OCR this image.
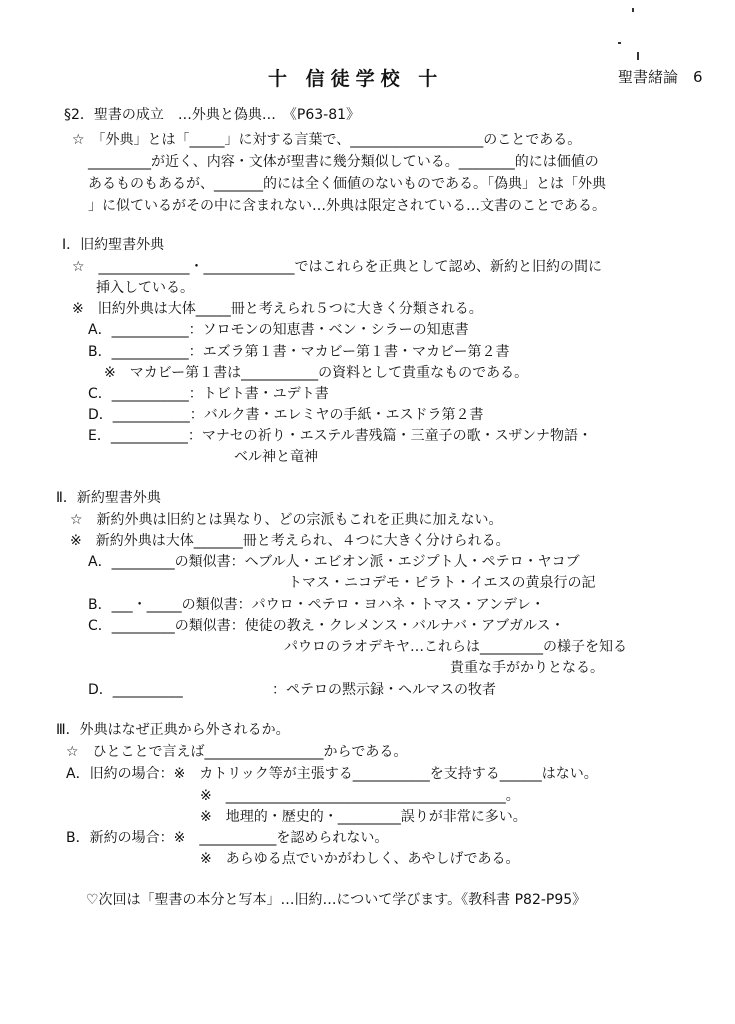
十 信徒学校 十	聖書緒論　6
§2．聖書の成立　…外典と偽典…　《P63-81》
☆　「外典」とは「_____」に対する言葉で、___________________のことである。
_________が近く、内容・文体が聖書に幾分類似している。________的には価値の
あるものもあるが、_______的には全く価値のないものである。「偽典」とは「外典
」に似ているがその中に含まれない…外典は限定されている…文書のことである。
Ⅰ．旧約聖書外典
☆　_____________・_____________ではこれらを正典として認め、新約と旧約の間に
挿入している。
※　旧約外典は大体_____冊と考えられ５つに大きく分類される。
A．___________：ソロモンの知恵書・ベン・シラーの知恵書
B．___________：エズラ第１書・マカビー第１書・マカビー第２書
※　マカビー第１書は___________の資料として貴重なものである。
C．___________：トビト書・ユデト書
D．___________：バルク書・エレミヤの手紙・エスドラ第２書
E．___________：マナセの祈り・エステル書残篇・三童子の歌・スザンナ物語・
ベル神と竜神
Ⅱ．新約聖書外典
☆　新約外典は旧約とは異なり、どの宗派もこれを正典に加えない。
※　新約外典は大体_______冊と考えられ、４つに大きく分けられる。
A．_________の類似書：ヘブル人・エビオン派・エジプト人・ペテロ・ヤコブ
トマス・ニコデモ・ピラト・イエスの黄泉行の記
B．___・_____の類似書：パウロ・ペテロ・ヨハネ・トマス・アンデレ・
C．_________の類似書：使徒の教え・クレメンス・バルナバ・アブガルス・
パウロのラオデキヤ…これらは_________の様子を知る
貴重な手がかりとなる。
D．__________	：ペテロの黙示録・ヘルマスの牧者
Ⅲ．外典はなぜ正典から外されるか。
☆　ひとことで言えば_________________からである。
A．旧約の場合：※　カトリック等が主張する___________を支持する______はない。
※　________________________________________。
※　地理的・歴史的・_________誤りが非常に多い。
B．新約の場合：※　___________を認められない。
※　あらゆる点でいかがわしく、あやしげである。
♡次回は「聖書の本分と写本」…旧約…について学びます。《教科書 P82-P95》
